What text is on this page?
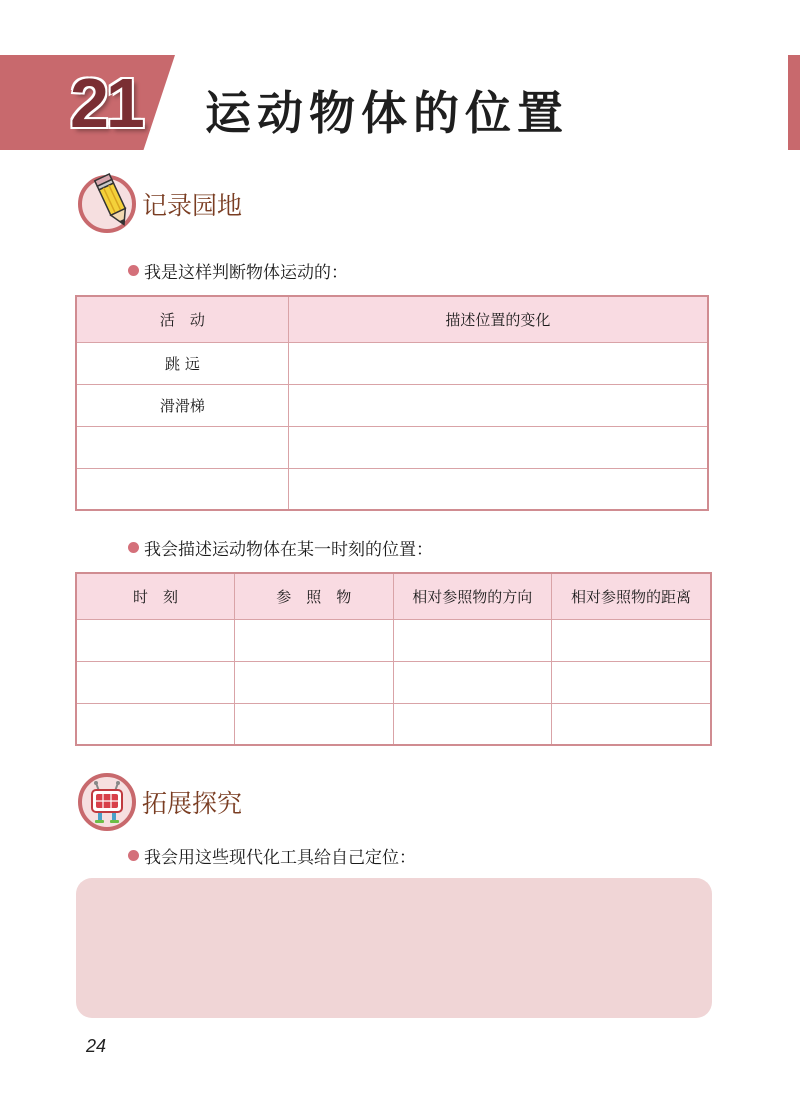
21 运动物体的位置
记录园地
我是这样判断物体运动的：
活　动	描述位置的变化
跳 远	
滑滑梯	

我会描述运动物体在某一时刻的位置：
时　刻	参　照　物	相对参照物的方向	相对参照物的距离

拓展探究
我会用这些现代化工具给自己定位：
24
